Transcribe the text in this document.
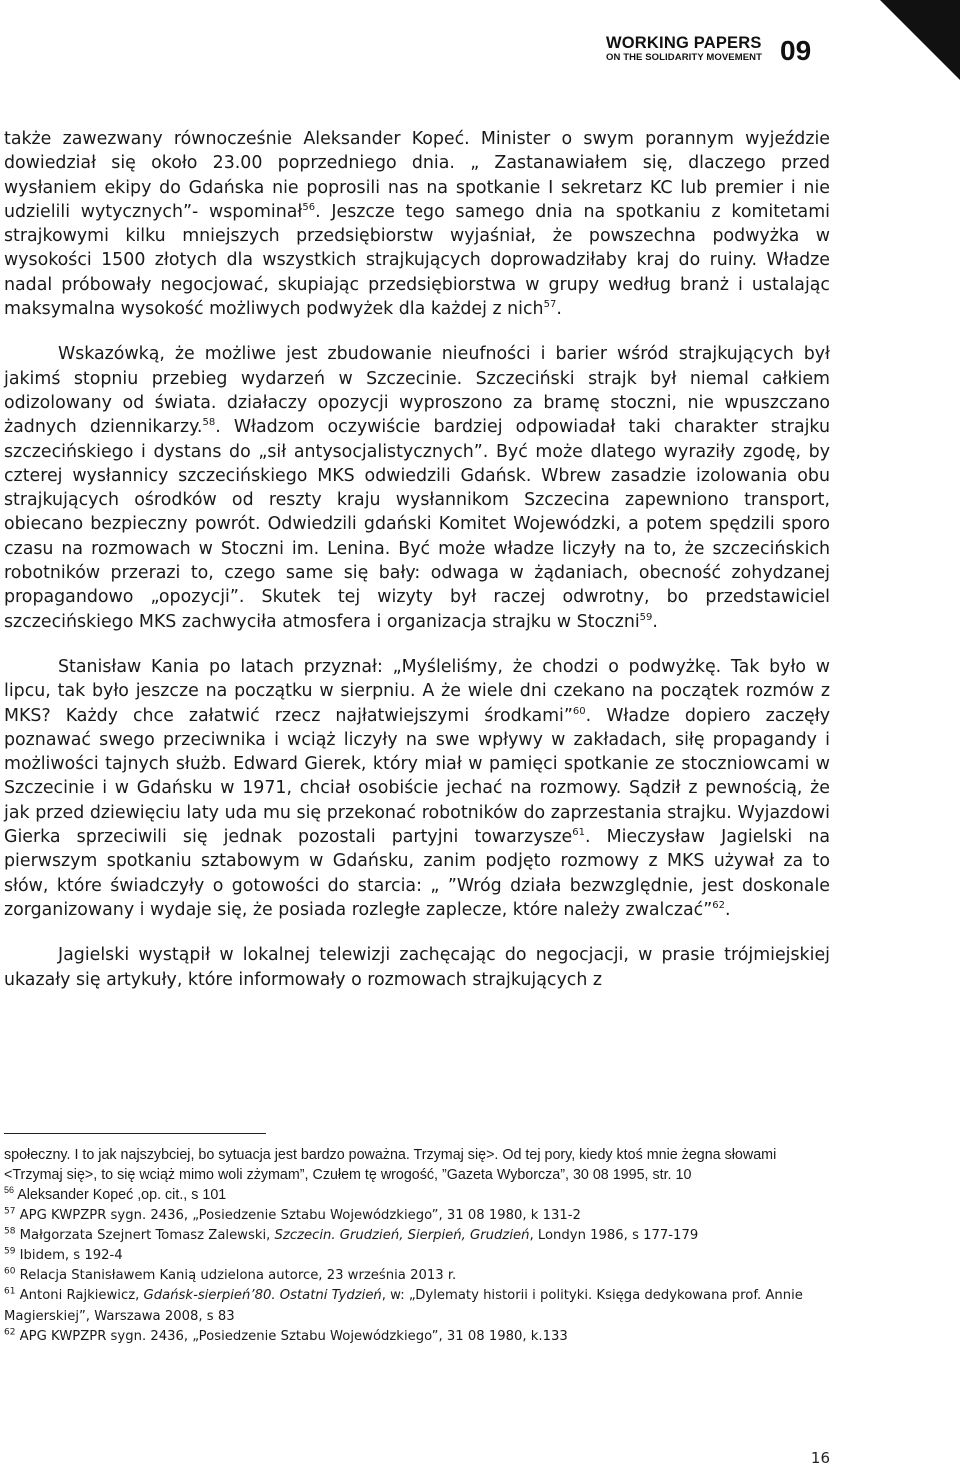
WORKING PAPERS
ON THE SOLIDARITY MOVEMENT 09

także zawezwany równocześnie Aleksander Kopeć. Minister o swym porannym wyjeździe dowiedział się około 23.00 poprzedniego dnia. „ Zastanawiałem się, dlaczego przed wysłaniem ekipy do Gdańska nie poprosili nas na spotkanie I sekretarz KC lub premier i nie udzielili wytycznych”- wspominał$^{56}$. Jeszcze tego samego dnia na spotkaniu z komitetami strajkowymi kilku mniejszych przedsiębiorstw wyjaśniał, że powszechna podwyżka w wysokości 1500 złotych dla wszystkich strajkujących doprowadziłaby kraj do ruiny. Władze nadal próbowały negocjować, skupiając przedsiębiorstwa w grupy według branż i ustalając maksymalna wysokość możliwych podwyżek dla każdej z nich$^{57}$.

Wskazówką, że możliwe jest zbudowanie nieufności i barier wśród strajkujących był jakimś stopniu przebieg wydarzeń w Szczecinie. Szczeciński strajk był niemal całkiem odizolowany od świata. działaczy opozycji wyproszono za bramę stoczni, nie wpuszczano żadnych dziennikarzy.$^{58}$. Władzom oczywiście bardziej odpowiadał taki charakter strajku szczecińskiego i dystans do „sił antysocjalistycznych”. Być może dlatego wyraziły zgodę, by czterej wysłannicy szczecińskiego MKS odwiedzili Gdańsk. Wbrew zasadzie izolowania obu strajkujących ośrodków od reszty kraju wysłannikom Szczecina zapewniono transport, obiecano bezpieczny powrót. Odwiedzili gdański Komitet Wojewódzki, a potem spędzili sporo czasu na rozmowach w Stoczni im. Lenina. Być może władze liczyły na to, że szczecińskich robotników przerazi to, czego same się bały: odwaga w żądaniach, obecność zohydzanej propagandowo „opozycji”. Skutek tej wizyty był raczej odwrotny, bo przedstawiciel szczecińskiego MKS zachwyciła atmosfera i organizacja strajku w Stoczni$^{59}$.

Stanisław Kania po latach przyznał: „Myśleliśmy, że chodzi o podwyżkę. Tak było w lipcu, tak było jeszcze na początku w sierpniu. A że wiele dni czekano na początek rozmów z MKS? Każdy chce załatwić rzecz najłatwiejszymi środkami”$^{60}$. Władze dopiero zaczęły poznawać swego przeciwnika i wciąż liczyły na swe wpływy w zakładach, siłę propagandy i możliwości tajnych służb. Edward Gierek, który miał w pamięci spotkanie ze stoczniowcami w Szczecinie i w Gdańsku w 1971, chciał osobiście jechać na rozmowy. Sądził z pewnością, że jak przed dziewięciu laty uda mu się przekonać robotników do zaprzestania strajku. Wyjazdowi Gierka sprzeciwili się jednak pozostali partyjni towarzysze$^{61}$. Mieczysław Jagielski na pierwszym spotkaniu sztabowym w Gdańsku, zanim podjęto rozmowy z MKS używał za to słów, które świadczyły o gotowości do starcia: „ ”Wróg działa bezwzględnie, jest doskonale zorganizowany i wydaje się, że posiada rozległe zaplecze, które należy zwalczać”$^{62}$.

Jagielski wystąpił w lokalnej telewizji zachęcając do negocjacji, w prasie trójmiejskiej ukazały się artykuły, które informowały o rozmowach strajkujących z

społeczny. I to jak najszybciej, bo sytuacja jest bardzo poważna. Trzymaj się>. Od tej pory, kiedy ktoś mnie żegna słowami <Trzymaj się>, to się wciąż mimo woli zżymam”, Czułem tę wrogość, ”Gazeta Wyborcza”, 30 08 1995, str. 10

$^{56}$ Aleksander Kopeć ,op. cit., s 101

$^{57}$ APG KWPZPR sygn. 2436, „Posiedzenie Sztabu Wojewódzkiego”, 31 08 1980, k 131-2

$^{58}$ Małgorzata Szejnert Tomasz Zalewski, Szczecin. Grudzień, Sierpień, Grudzień, Londyn 1986, s 177-179

$^{59}$ Ibidem, s 192-4

$^{60}$ Relacja Stanisławem Kanią udzielona autorce, 23 września 2013 r.

$^{61}$ Antoni Rajkiewicz, Gdańsk-sierpień’80. Ostatni Tydzień, w: „Dylematy historii i polityki. Księga dedykowana prof. Annie Magierskiej”, Warszawa 2008, s 83

$^{62}$ APG KWPZPR sygn. 2436, „Posiedzenie Sztabu Wojewódzkiego”, 31 08 1980, k.133

16
